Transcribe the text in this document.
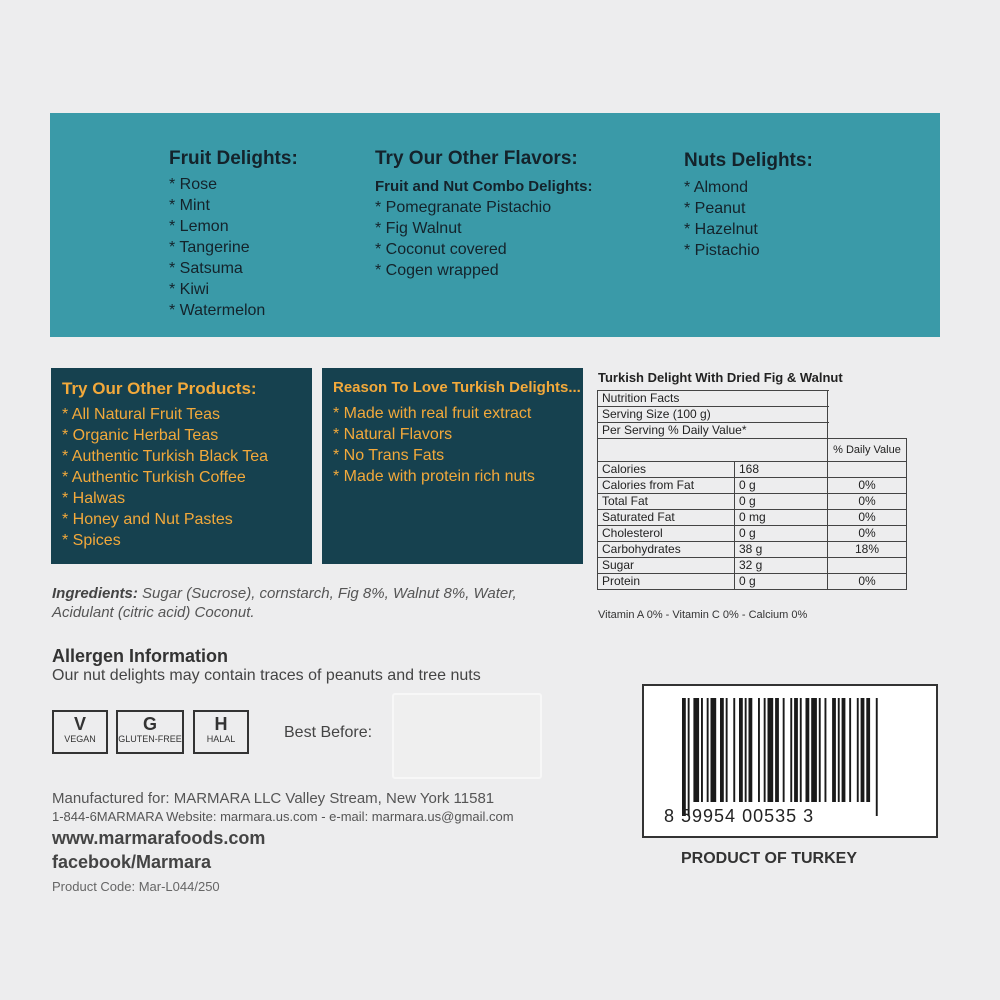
Fruit Delights:
* Rose
* Mint
* Lemon
* Tangerine
* Satsuma
* Kiwi
* Watermelon
Try Our Other Flavors:
Fruit and Nut Combo Delights:
* Pomegranate Pistachio
* Fig Walnut
* Coconut covered
* Cogen wrapped
Nuts Delights:
* Almond
* Peanut
* Hazelnut
* Pistachio
Try Our Other Products:
* All Natural Fruit Teas
* Organic Herbal Teas
* Authentic Turkish Black Tea
* Authentic Turkish Coffee
* Halwas
* Honey and Nut Pastes
* Spices
Reason To Love Turkish Delights...
* Made with real fruit extract
* Natural Flavors
* No Trans Fats
* Made with protein rich nuts
Turkish Delight With Dried Fig & Walnut
Nutrition Facts		
Serving Size (100 g)		
Per Serving % Daily Value*		
		% Daily Value
Calories	168	
Calories from Fat	0 g	0%
Total Fat	0 g	0%
Saturated Fat	0 mg	0%
Cholesterol	0 g	0%
Carbohydrates	38 g	18%
Sugar	32 g	
Protein	0 g	0%
Vitamin A 0% - Vitamin C 0% - Calcium 0%
Ingredients: Sugar (Sucrose), cornstarch, Fig 8%, Walnut 8%, Water, Acidulant (citric acid) Coconut.
Allergen Information
Our nut delights may contain traces of peanuts and tree nuts
V
VEGAN
G
GLUTEN-FREE
H
HALAL	Best Before:
Manufactured for: MARMARA LLC Valley Stream, New York 11581
1-844-6MARMARA Website: marmara.us.com - e-mail: marmara.us@gmail.com
www.marmarafoods.com
facebook/Marmara
Product Code: Mar-L044/250
8 59954 00535 3
PRODUCT OF TURKEY
